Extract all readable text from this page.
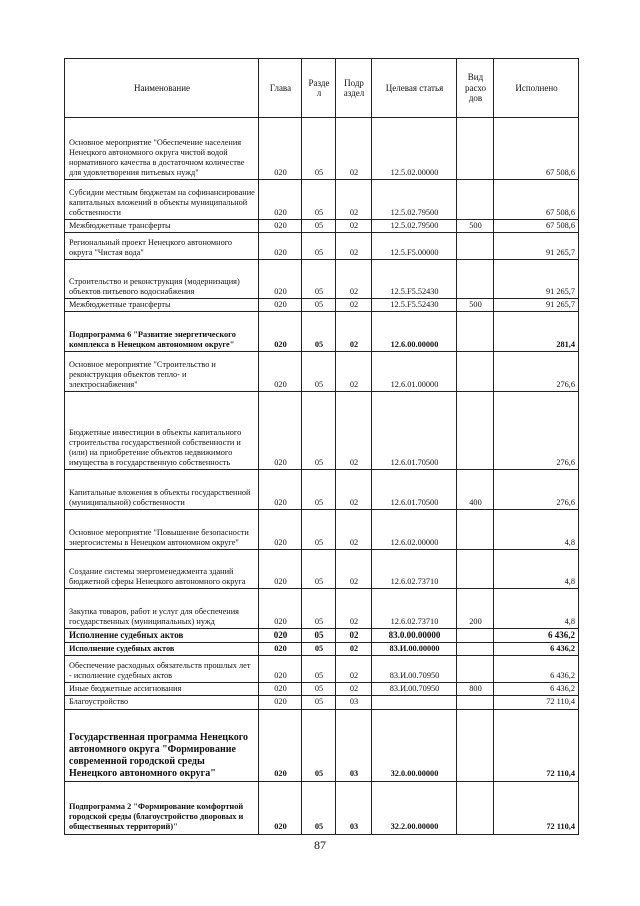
Наименование	Глава	Разде л	Подр аздел	Целевая статья	Вид расхо дов	Исполнено
Основное мероприятие "Обеспечение населения Ненецкого автономного округа чистой водой нормативного качества в достаточном количестве для удовлетворения питьевых нужд"	020	05	02	12.5.02.00000		67 508,6
Субсидии местным бюджетам на софинансирование капитальных вложений в объекты муниципальной собственности	020	05	02	12.5.02.79500		67 508,6
Межбюджетные трансферты	020	05	02	12.5.02.79500	500	67 508,6
Региональный проект Ненецкого автономного округа "Чистая вода"	020	05	02	12.5.F5.00000		91 265,7
Строительство и реконструкция (модернизация) объектов питьевого водоснабжения	020	05	02	12.5.F5.52430		91 265,7
Межбюджетные трансферты	020	05	02	12.5.F5.52430	500	91 265,7
Подпрограмма 6 "Развитие энергетического комплекса в Ненецком автономном округе"	020	05	02	12.6.00.00000		281,4
Основное мероприятие "Строительство и реконструкция объектов тепло- и электроснабжения"	020	05	02	12.6.01.00000		276,6
Бюджетные инвестиции в объекты капитального строительства государственной собственности и (или) на приобретение объектов недвижимого имущества в государственную собственность	020	05	02	12.6.01.70500		276,6
Капитальные вложения в объекты государственной (муниципальной) собственности	020	05	02	12.6.01.70500	400	276,6
Основное мероприятие "Повышение безопасности энергосистемы в Ненецком автономном округе"	020	05	02	12.6.02.00000		4,8
Создание системы энергоменеджмента зданий бюджетной сферы Ненецкого автономного округа	020	05	02	12.6.02.73710		4,8
Закупка товаров, работ и услуг для обеспечения государственных (муниципальных) нужд	020	05	02	12.6.02.73710	200	4,8
Исполнение судебных актов	020	05	02	83.0.00.00000		6 436,2
Исполнение судебных актов	020	05	02	83.И.00.00000		6 436,2
Обеспечение расходных обязательств прошлых лет - исполнение судебных актов	020	05	02	83.И.00.70950		6 436,2
Иные бюджетные ассигнования	020	05	02	83.И.00.70950	800	6 436,2
Благоустройство	020	05	03			72 110,4
Государственная программа Ненецкого автономного округа "Формирование современной городской среды Ненецкого автономного округа"	020	05	03	32.0.00.00000		72 110,4
Подпрограмма 2 "Формирование комфортной городской среды (благоустройство дворовых и общественных территорий)"	020	05	03	32.2.00.00000		72 110,4
87
